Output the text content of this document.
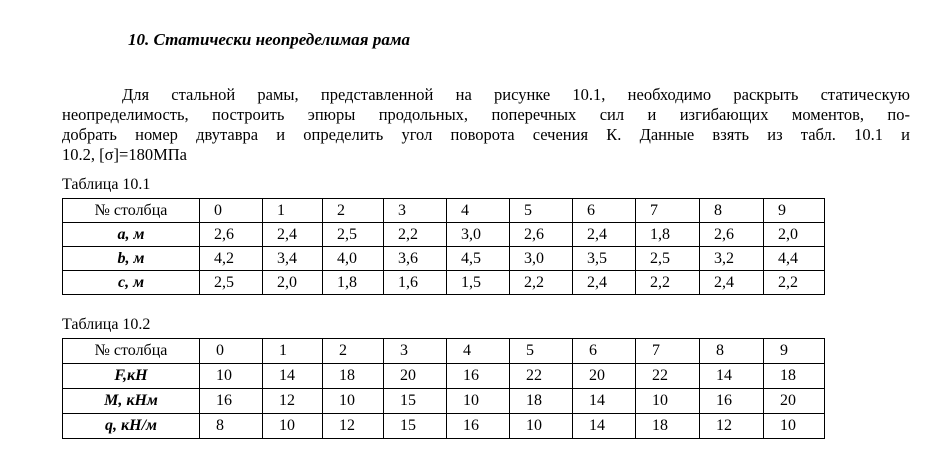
10. Статически неопределимая рама
Для стальной рамы, представленной на рисунке 10.1, необходимо раскрыть статическую
неопределимость, построить эпюры продольных, поперечных сил и изгибающих моментов, по-
добрать номер двутавра и определить угол поворота сечения К. Данные взять из табл. 10.1 и
10.2, [σ]=180МПа
Таблица 10.1
№ столбца	0	1	2	3	4	5	6	7	8	9
a, м	2,6	2,4	2,5	2,2	3,0	2,6	2,4	1,8	2,6	2,0
b, м	4,2	3,4	4,0	3,6	4,5	3,0	3,5	2,5	3,2	4,4
c, м	2,5	2,0	1,8	1,6	1,5	2,2	2,4	2,2	2,4	2,2
Таблица 10.2
№ столбца	0	1	2	3	4	5	6	7	8	9
F,кН	10	14	18	20	16	22	20	22	14	18
М, кНм	16	12	10	15	10	18	14	10	16	20
q, кН/м	8	10	12	15	16	10	14	18	12	10
